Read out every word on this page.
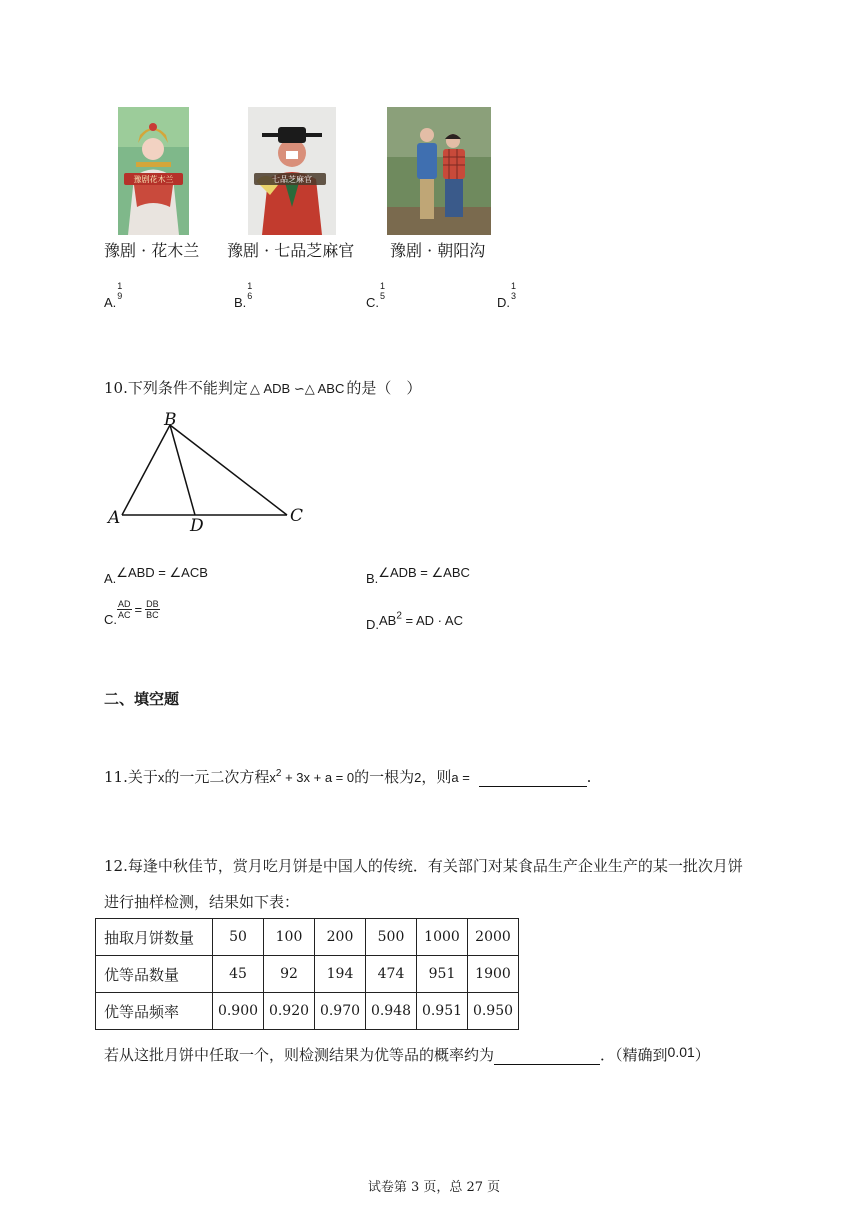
豫剧花木兰	七品芝麻官
豫剧 · 花木兰 豫剧 · 七品芝麻官 豫剧 · 朝阳沟
$_{A.}$
1
9	$_{B.}$
1
6	$_{C.}$
1
5	$_{D.}$
1
3
10.下列条件不能判定 △ ADB ∽△ ABC 的是（　）
B
A	D	C
$_{A.}$∠ABD = ∠ACB	$_{B.}$∠ADB = ∠ABC
$_{C.} \frac{AD}{AC} = \frac{DB}{BC}$
$_{D.}AB^2$ = AD · AC
二、填空题
11.关于x的一元二次方程$x^2 + 3x + a = 0$的一根为2，则a =	.
12.每逢中秋佳节，赏月吃月饼是中国人的传统．有关部门对某食品生产企业生产的某一批次月饼
进行抽样检测，结果如下表：
抽取月饼数量	50	100	200	500	1000	2000
优等品数量	45	92	194	474	951	1900
优等品频率	0.900	0.920	0.970	0.948	0.951	0.950
若从这批月饼中任取一个，则检测结果为优等品的概率约为	．（精确到0.01）
试卷第 3 页，总 27 页
